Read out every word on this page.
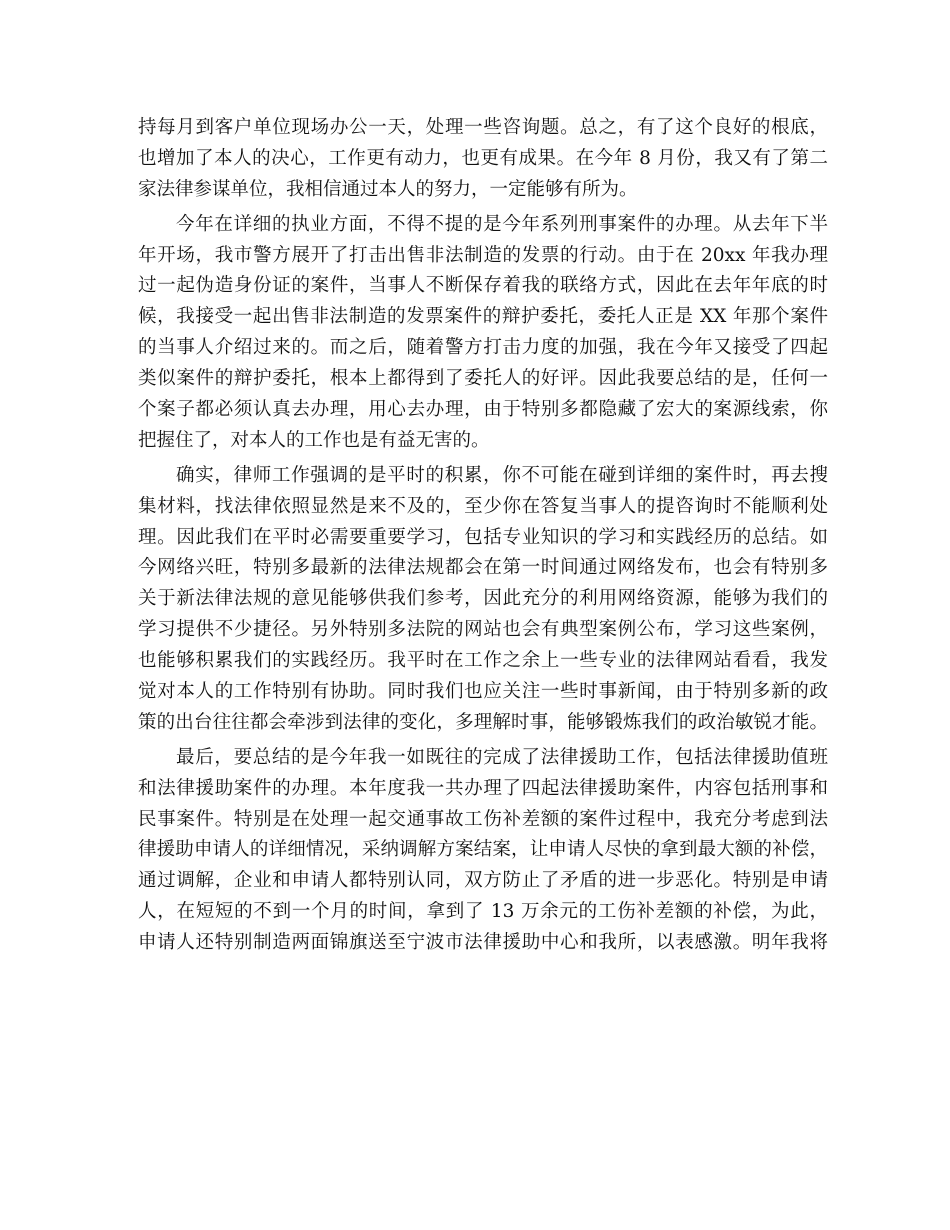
持每月到客户单位现场办公一天，处理一些咨询题。总之，有了这个良好的根底，
也增加了本人的决心，工作更有动力，也更有成果。在今年 8 月份，我又有了第二
家法律参谋单位，我相信通过本人的努力，一定能够有所为。
今年在详细的执业方面，不得不提的是今年系列刑事案件的办理。从去年下半
年开场，我市警方展开了打击出售非法制造的发票的行动。由于在 20xx 年我办理
过一起伪造身份证的案件，当事人不断保存着我的联络方式，因此在去年年底的时
候，我接受一起出售非法制造的发票案件的辩护委托，委托人正是 XX 年那个案件
的当事人介绍过来的。而之后，随着警方打击力度的加强，我在今年又接受了四起
类似案件的辩护委托，根本上都得到了委托人的好评。因此我要总结的是，任何一
个案子都必须认真去办理，用心去办理，由于特别多都隐藏了宏大的案源线索，你
把握住了，对本人的工作也是有益无害的。
确实，律师工作强调的是平时的积累，你不可能在碰到详细的案件时，再去搜
集材料，找法律依照显然是来不及的，至少你在答复当事人的提咨询时不能顺利处
理。因此我们在平时必需要重要学习，包括专业知识的学习和实践经历的总结。如
今网络兴旺，特别多最新的法律法规都会在第一时间通过网络发布，也会有特别多
关于新法律法规的意见能够供我们参考，因此充分的利用网络资源，能够为我们的
学习提供不少捷径。另外特别多法院的网站也会有典型案例公布，学习这些案例，
也能够积累我们的实践经历。我平时在工作之余上一些专业的法律网站看看，我发
觉对本人的工作特别有协助。同时我们也应关注一些时事新闻，由于特别多新的政
策的出台往往都会牵涉到法律的变化，多理解时事，能够锻炼我们的政治敏锐才能。
最后，要总结的是今年我一如既往的完成了法律援助工作，包括法律援助值班
和法律援助案件的办理。本年度我一共办理了四起法律援助案件，内容包括刑事和
民事案件。特别是在处理一起交通事故工伤补差额的案件过程中，我充分考虑到法
律援助申请人的详细情况，采纳调解方案结案，让申请人尽快的拿到最大额的补偿，
通过调解，企业和申请人都特别认同，双方防止了矛盾的进一步恶化。特别是申请
人，在短短的不到一个月的时间，拿到了 13 万余元的工伤补差额的补偿，为此，
申请人还特别制造两面锦旗送至宁波市法律援助中心和我所，以表感激。明年我将
